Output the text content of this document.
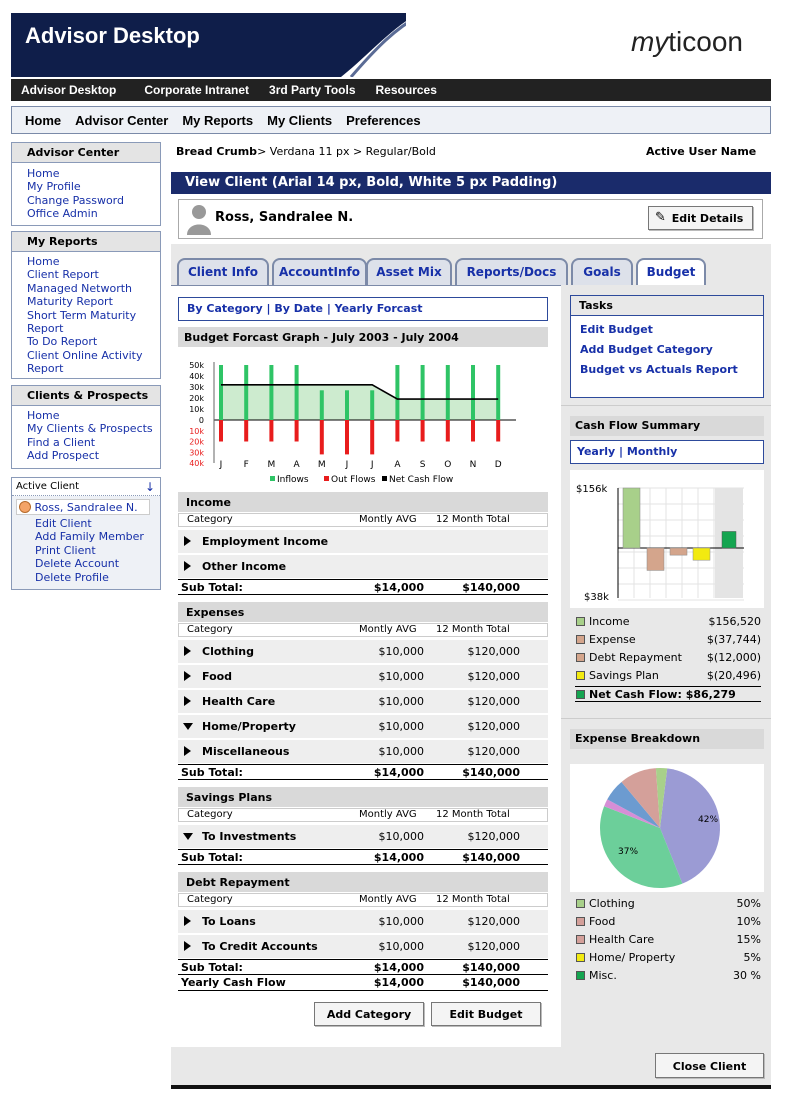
Advisor Desktop	myticoon
Advisor Desktop Corporate Intranet 3rd Party Tools Resources
Home Advisor Center My Reports My Clients Preferences
Advisor Center
Home
My Profile
Change Password
Office Admin
My Reports
Home
Client Report
Managed Networth
Maturity Report
Short Term Maturity
Report
To Do Report
Client Online Activity
Report
Clients & Prospects
Home
My Clients & Prospects
Find a Client
Add Prospect
Active Client	↓
Ross, Sandralee N.
Edit Client
Add Family Member
Print Client
Delete Account
Delete Profile
Bread Crumb> Verdana 11 px > Regular/Bold	Active User Name
View Client (Arial 14 px, Bold, White 5 px Padding)
Ross, Sandralee N.	✎ Edit Details
Client Info	AccountInfo	Asset Mix	Reports/Docs	Goals	Budget
By Category | By Date | Yearly Forcast
Budget Forcast Graph - July 2003 - July 2004
50k
40k
30k
20k
10k
0
10k
20k
30k
40k J F M A M J	J A S O N D
Inflows Out Flows Net Cash Flow
Income
Category	Montly AVG 12 Month Total
Employment Income
Other Income
Sub Total:	$14,000	$140,000
Expenses
Category	Montly AVG 12 Month Total
Clothing	$10,000	$120,000
Food	$10,000	$120,000
Health Care	$10,000	$120,000
Home/Property	$10,000	$120,000
Miscellaneous	$10,000	$120,000
Sub Total:	$14,000	$140,000
Savings Plans
Category	Montly AVG 12 Month Total
To Investments	$10,000	$120,000
Sub Total:	$14,000	$140,000
Debt Repayment
Category	Montly AVG 12 Month Total
To Loans	$10,000	$120,000
To Credit Accounts	$10,000	$120,000
Sub Total:	$14,000	$140,000
Yearly Cash Flow	$14,000	$140,000
Add Category	Edit Budget
Tasks
Edit Budget
Add Budget Category
Budget vs Actuals Report
Cash Flow Summary
Yearly | Monthly
$156k
$38k
Income	$156,520
Expense	$(37,744)
Debt Repayment $(12,000)
Savings Plan	$(20,496)
Net Cash Flow: $86,279
Expense Breakdown
42%
37%
Clothing	50%
Food	10%
Health Care	15%
Home/ Property	5%
Misc.	30 %
Close Client
